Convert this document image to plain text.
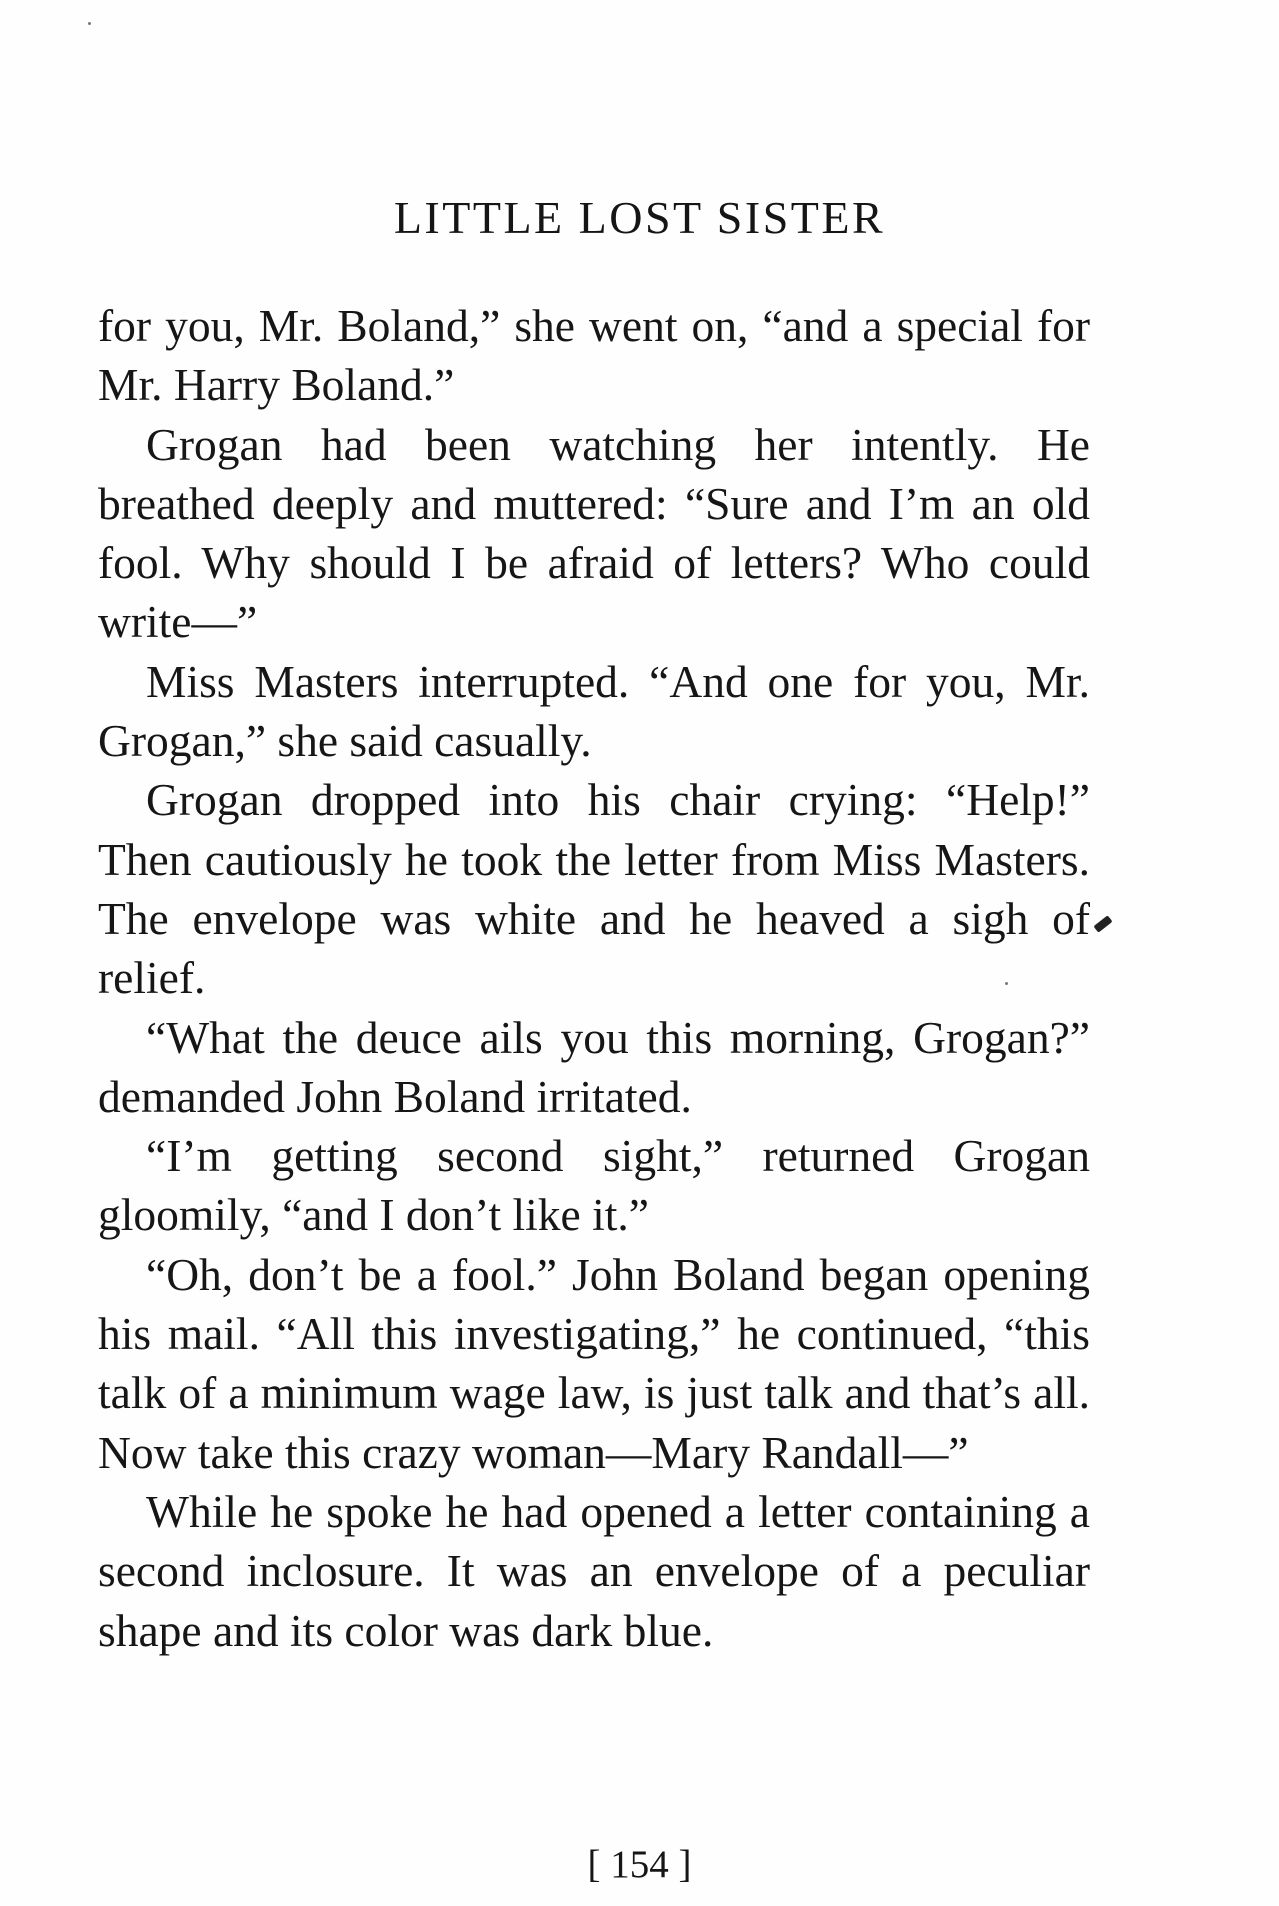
LITTLE LOST SISTER

for you, Mr. Boland,” she went on, “and a special for Mr. Harry Boland.”

Grogan had been watching her intently. He breathed deeply and muttered: “Sure and I’m an old fool. Why should I be afraid of letters? Who could write—”

Miss Masters interrupted. “And one for you, Mr. Grogan,” she said casually.

Grogan dropped into his chair crying: “Help!” Then cautiously he took the letter from Miss Masters. The envelope was white and he heaved a sigh of relief.

“What the deuce ails you this morning, Grogan?” demanded John Boland irritated.

“I’m getting second sight,” returned Grogan gloomily, “and I don’t like it.”

“Oh, don’t be a fool.” John Boland began opening his mail. “All this investigating,” he continued, “this talk of a minimum wage law, is just talk and that’s all. Now take this crazy woman—Mary Randall—”

While he spoke he had opened a letter containing a second inclosure. It was an envelope of a peculiar shape and its color was dark blue.

[ 154 ]
